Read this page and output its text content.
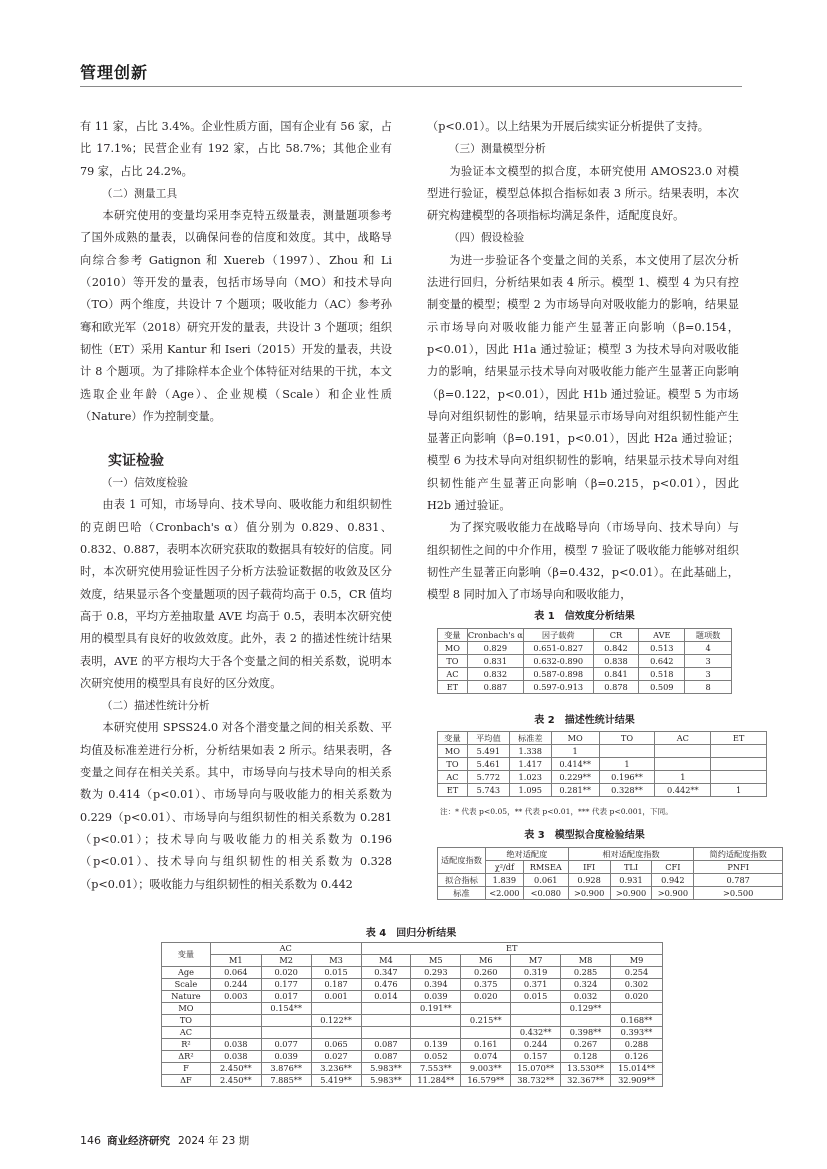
管理创新

有 11 家，占比 3.4%。企业性质方面，国有企业有 56 家，占比 17.1%；民营企业有 192 家，占比 58.7%；其他企业有 79 家，占比 24.2%。

（二）测量工具

本研究使用的变量均采用李克特五级量表，测量题项参考了国外成熟的量表，以确保问卷的信度和效度。其中，战略导向综合参考 Gatignon 和 Xuereb（1997）、Zhou 和 Li（2010）等开发的量表，包括市场导向（MO）和技术导向（TO）两个维度，共设计 7 个题项；吸收能力（AC）参考孙骞和欧光军（2018）研究开发的量表，共设计 3 个题项；组织韧性（ET）采用 Kantur 和 Iseri（2015）开发的量表，共设计 8 个题项。为了排除样本企业个体特征对结果的干扰，本文选取企业年龄（Age）、企业规模（Scale）和企业性质（Nature）作为控制变量。

实证检验

（一）信效度检验

由表 1 可知，市场导向、技术导向、吸收能力和组织韧性的克朗巴哈（Cronbach's α）值分别为 0.829、0.831、0.832、0.887，表明本次研究获取的数据具有较好的信度。同时，本次研究使用验证性因子分析方法验证数据的收敛及区分效度，结果显示各个变量题项的因子载荷均高于 0.5，CR 值均高于 0.8，平均方差抽取量 AVE 均高于 0.5，表明本次研究使用的模型具有良好的收敛效度。此外，表 2 的描述性统计结果表明，AVE 的平方根均大于各个变量之间的相关系数，说明本次研究使用的模型具有良好的区分效度。

（二）描述性统计分析

本研究使用 SPSS24.0 对各个潜变量之间的相关系数、平均值及标准差进行分析，分析结果如表 2 所示。结果表明，各变量之间存在相关关系。其中，市场导向与技术导向的相关系数为 0.414（p<0.01）、市场导向与吸收能力的相关系数为 0.229（p<0.01）、市场导向与组织韧性的相关系数为 0.281（p<0.01）；技术导向与吸收能力的相关系数为 0.196（p<0.01）、技术导向与组织韧性的相关系数为 0.328（p<0.01）；吸收能力与组织韧性的相关系数为 0.442

（p<0.01）。以上结果为开展后续实证分析提供了支持。

（三）测量模型分析

为验证本文模型的拟合度，本研究使用 AMOS23.0 对模型进行验证，模型总体拟合指标如表 3 所示。结果表明，本次研究构建模型的各项指标均满足条件，适配度良好。

（四）假设检验

为进一步验证各个变量之间的关系，本文使用了层次分析法进行回归，分析结果如表 4 所示。模型 1、模型 4 为只有控制变量的模型；模型 2 为市场导向对吸收能力的影响，结果显示市场导向对吸收能力能产生显著正向影响（β=0.154，p<0.01），因此 H1a 通过验证；模型 3 为技术导向对吸收能力的影响，结果显示技术导向对吸收能力能产生显著正向影响（β=0.122，p<0.01），因此 H1b 通过验证。模型 5 为市场导向对组织韧性的影响，结果显示市场导向对组织韧性能产生显著正向影响（β=0.191，p<0.01），因此 H2a 通过验证；模型 6 为技术导向对组织韧性的影响，结果显示技术导向对组织韧性能产生显著正向影响（β=0.215，p<0.01），因此 H2b 通过验证。

为了探究吸收能力在战略导向（市场导向、技术导向）与组织韧性之间的中介作用，模型 7 验证了吸收能力能够对组织韧性产生显著正向影响（β=0.432，p<0.01）。在此基础上，模型 8 同时加入了市场导向和吸收能力，

表 1　信效度分析结果
变量	Cronbach's α	因子载荷	CR	AVE	题项数
MO	0.829	0.651-0.827	0.842	0.513	4
TO	0.831	0.632-0.890	0.838	0.642	3
AC	0.832	0.587-0.898	0.841	0.518	3
ET	0.887	0.597-0.913	0.878	0.509	8
表 2　描述性统计结果
变量	平均值	标准差	MO	TO	AC	ET
MO	5.491	1.338	1			
TO	5.461	1.417	0.414**	1		
AC	5.772	1.023	0.229**	0.196**	1	
ET	5.743	1.095	0.281**	0.328**	0.442**	1
注：* 代表 p<0.05，** 代表 p<0.01，*** 代表 p<0.001，下同。
表 3　模型拟合度检验结果
适配度指数	绝对适配度		相对适配度指数			简约适配度指数
	χ²/df	RMSEA	IFI	TLI	CFI	PNFI
拟合指标	1.839	0.061	0.928	0.931	0.942	0.787
标准	<2.000	<0.080	>0.900	>0.900	>0.900	>0.500
表 4　回归分析结果
变量	AC			ET					
	M1	M2	M3	M4	M5	M6	M7	M8	M9
Age	0.064	0.020	0.015	0.347	0.293	0.260	0.319	0.285	0.254
Scale	0.244	0.177	0.187	0.476	0.394	0.375	0.371	0.324	0.302
Nature	0.003	0.017	0.001	0.014	0.039	0.020	0.015	0.032	0.020
MO		0.154**			0.191**			0.129**	
TO			0.122**			0.215**			0.168**
AC							0.432**	0.398**	0.393**
R²	0.038	0.077	0.065	0.087	0.139	0.161	0.244	0.267	0.288
ΔR²	0.038	0.039	0.027	0.087	0.052	0.074	0.157	0.128	0.126
F	2.450**	3.876**	3.236**	5.983**	7.553**	9.003**	15.070**	13.530**	15.014**
ΔF	2.450**	7.885**	5.419**	5.983**	11.284**	16.579**	38.732**	32.367**	32.909**
146 商业经济研究 2024 年 23 期
